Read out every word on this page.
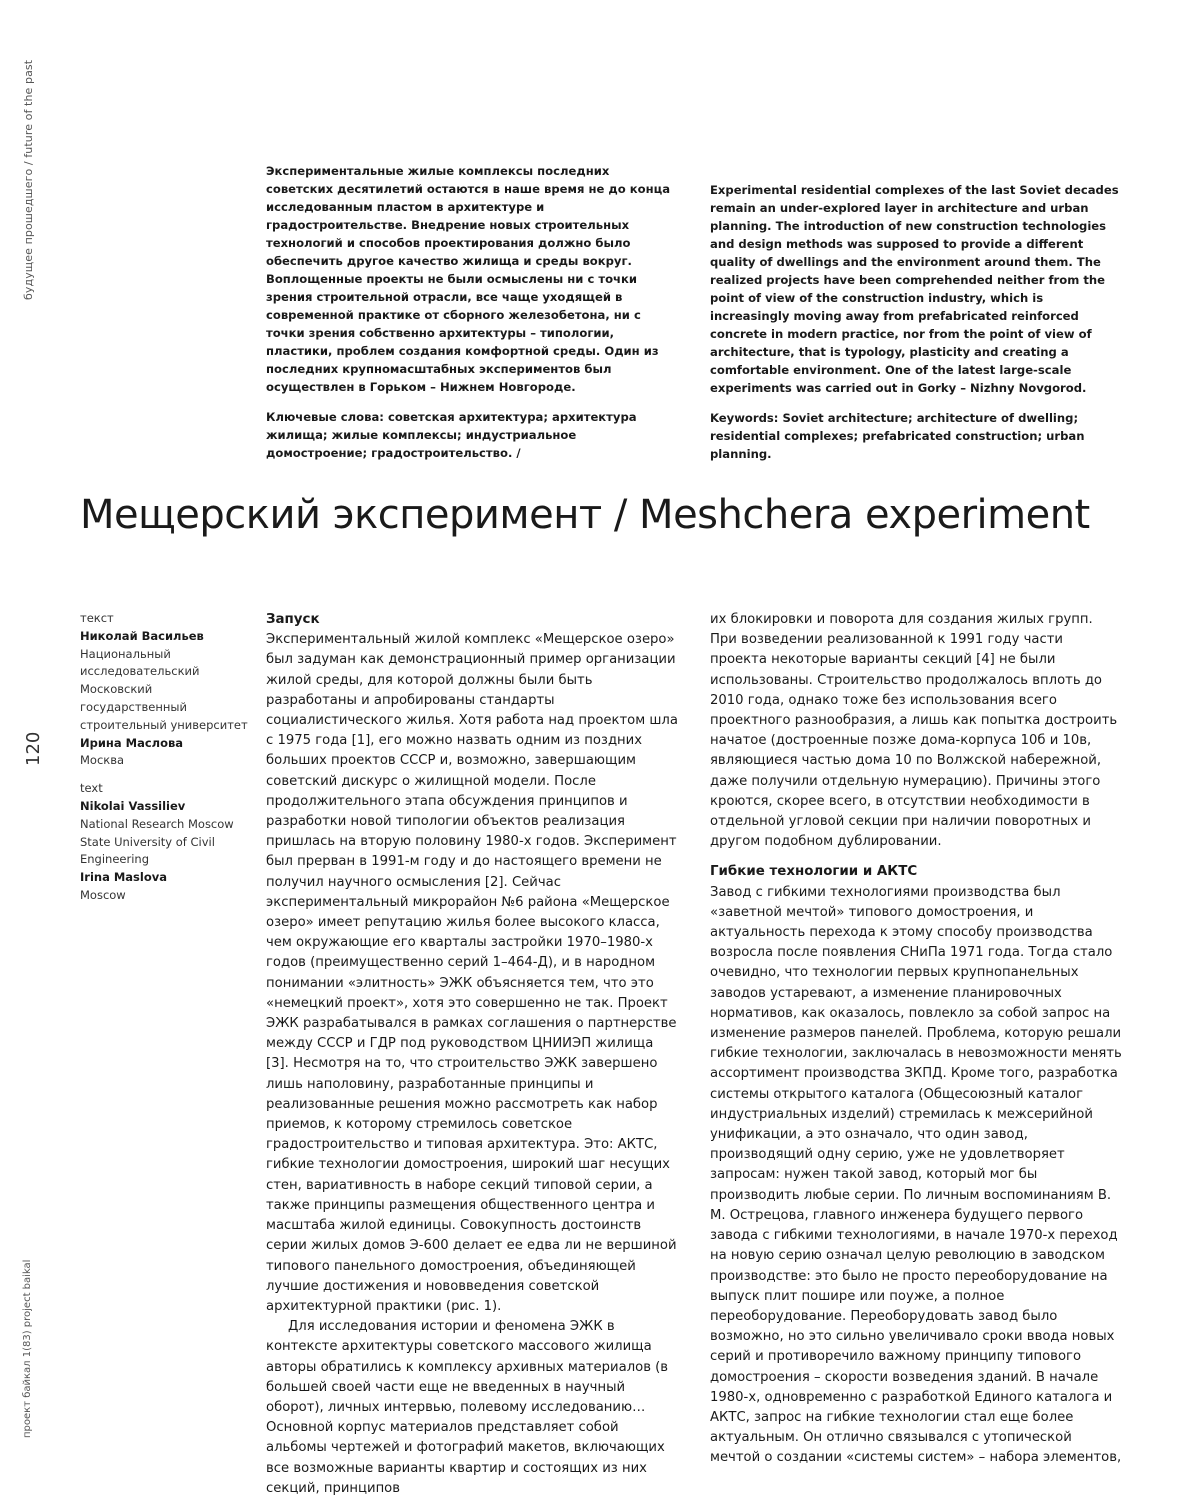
будущее прошедшего / future of the past
120
проект байкал 1(83) project baikal

Экспериментальные жилые комплексы последних советских десятилетий остаются в наше время не до конца исследованным пластом в архитектуре и градостроительстве. Внедрение новых строительных технологий и способов проектирования должно было обеспечить другое качество жилища и среды вокруг. Воплощенные проекты не были осмыслены ни с точки зрения строительной отрасли, все чаще уходящей в современной практике от сборного железобетона, ни с точки зрения собственно архитектуры – типологии, пластики, проблем создания комфортной среды. Один из последних крупномасштабных экспериментов был осуществлен в Горьком – Нижнем Новгороде.

Ключевые слова: советская архитектура; архитектура жилища; жилые комплексы; индустриальное домостроение; градостроительство. /

Experimental residential complexes of the last Soviet decades remain an under-explored layer in architecture and urban planning. The introduction of new construction technologies and design methods was supposed to provide a different quality of dwellings and the environment around them. The realized projects have been comprehended neither from the point of view of the construction industry, which is increasingly moving away from prefabricated reinforced concrete in modern practice, nor from the point of view of architecture, that is typology, plasticity and creating a comfortable environment. One of the latest large-scale experiments was carried out in Gorky – Nizhny Novgorod.

Keywords: Soviet architecture; architecture of dwelling; residential complexes; prefabricated construction; urban planning.

Мещерский эксперимент / Meshchera experiment
текст
Николай Васильев
Национальный исследовательский Московский государственный строительный университет
Ирина Маслова
Москва
text
Nikolai Vassiliev
National Research Moscow State University of Civil Engineering
Irina Maslova
Moscow
Запуск

Экспериментальный жилой комплекс «Мещерское озеро» был задуман как демонстрационный пример организации жилой среды, для которой должны были быть разработаны и апробированы стандарты социалистического жилья. Хотя работа над проектом шла с 1975 года [1], его можно назвать одним из поздних больших проектов СССР и, возможно, завершающим советский дискурс о жилищной модели. После продолжительного этапа обсуждения принципов и разработки новой типологии объектов реализация пришлась на вторую половину 1980-х годов. Эксперимент был прерван в 1991-м году и до настоящего времени не получил научного осмысления [2]. Сейчас экспериментальный микрорайон №6 района «Мещерское озеро» имеет репутацию жилья более высокого класса, чем окружающие его кварталы застройки 1970–1980-х годов (преимущественно серий 1–464-Д), и в народном понимании «элитность» ЭЖК объясняется тем, что это «немецкий проект», хотя это совершенно не так. Проект ЭЖК разрабатывался в рамках соглашения о партнерстве между СССР и ГДР под руководством ЦНИИЭП жилища [3]. Несмотря на то, что строительство ЭЖК завершено лишь наполовину, разработанные принципы и реализованные решения можно рассмотреть как набор приемов, к которому стремилось советское градостроительство и типовая архитектура. Это: АКТС, гибкие технологии домостроения, широкий шаг несущих стен, вариативность в наборе секций типовой серии, а также принципы размещения общественного центра и масштаба жилой единицы. Совокупность достоинств серии жилых домов Э-600 делает ее едва ли не вершиной типового панельного домостроения, объединяющей лучшие достижения и нововведения советской архитектурной практики (рис. 1).

Для исследования истории и феномена ЭЖК в контексте архитектуры советского массового жилища авторы обратились к комплексу архивных материалов (в большей своей части еще не введенных в научный оборот), личных интервью, полевому исследованию… Основной корпус материалов представляет собой альбомы чертежей и фотографий макетов, включающих все возможные варианты квартир и состоящих из них секций, принципов

их блокировки и поворота для создания жилых групп. При возведении реализованной к 1991 году части проекта некоторые варианты секций [4] не были использованы. Строительство продолжалось вплоть до 2010 года, однако тоже без использования всего проектного разнообразия, а лишь как попытка достроить начатое (достроенные позже дома-корпуса 10б и 10в, являющиеся частью дома 10 по Волжской набережной, даже получили отдельную нумерацию). Причины этого кроются, скорее всего, в отсутствии необходимости в отдельной угловой секции при наличии поворотных и другом подобном дублировании.

Гибкие технологии и АКТС

Завод с гибкими технологиями производства был «заветной мечтой» типового домостроения, и актуальность перехода к этому способу производства возросла после появления СНиПа 1971 года. Тогда стало очевидно, что технологии первых крупнопанельных заводов устаревают, а изменение планировочных нормативов, как оказалось, повлекло за собой запрос на изменение размеров панелей. Проблема, которую решали гибкие технологии, заключалась в невозможности менять ассортимент производства ЗКПД. Кроме того, разработка системы открытого каталога (Общесоюзный каталог индустриальных изделий) стремилась к межсерийной унификации, а это означало, что один завод, производящий одну серию, уже не удовлетворяет запросам: нужен такой завод, который мог бы производить любые серии. По личным воспоминаниям В. М. Острецова, главного инженера будущего первого завода с гибкими технологиями, в начале 1970-х переход на новую серию означал целую революцию в заводском производстве: это было не просто переоборудование на выпуск плит пошире или поуже, а полное переоборудование. Переоборудовать завод было возможно, но это сильно увеличивало сроки ввода новых серий и противоречило важному принципу типового домостроения – скорости возведения зданий. В начале 1980-х, одновременно с разработкой Единого каталога и АКТС, запрос на гибкие технологии стал еще более актуальным. Он отлично связывался с утопической мечтой о создании «системы систем» – набора элементов,
